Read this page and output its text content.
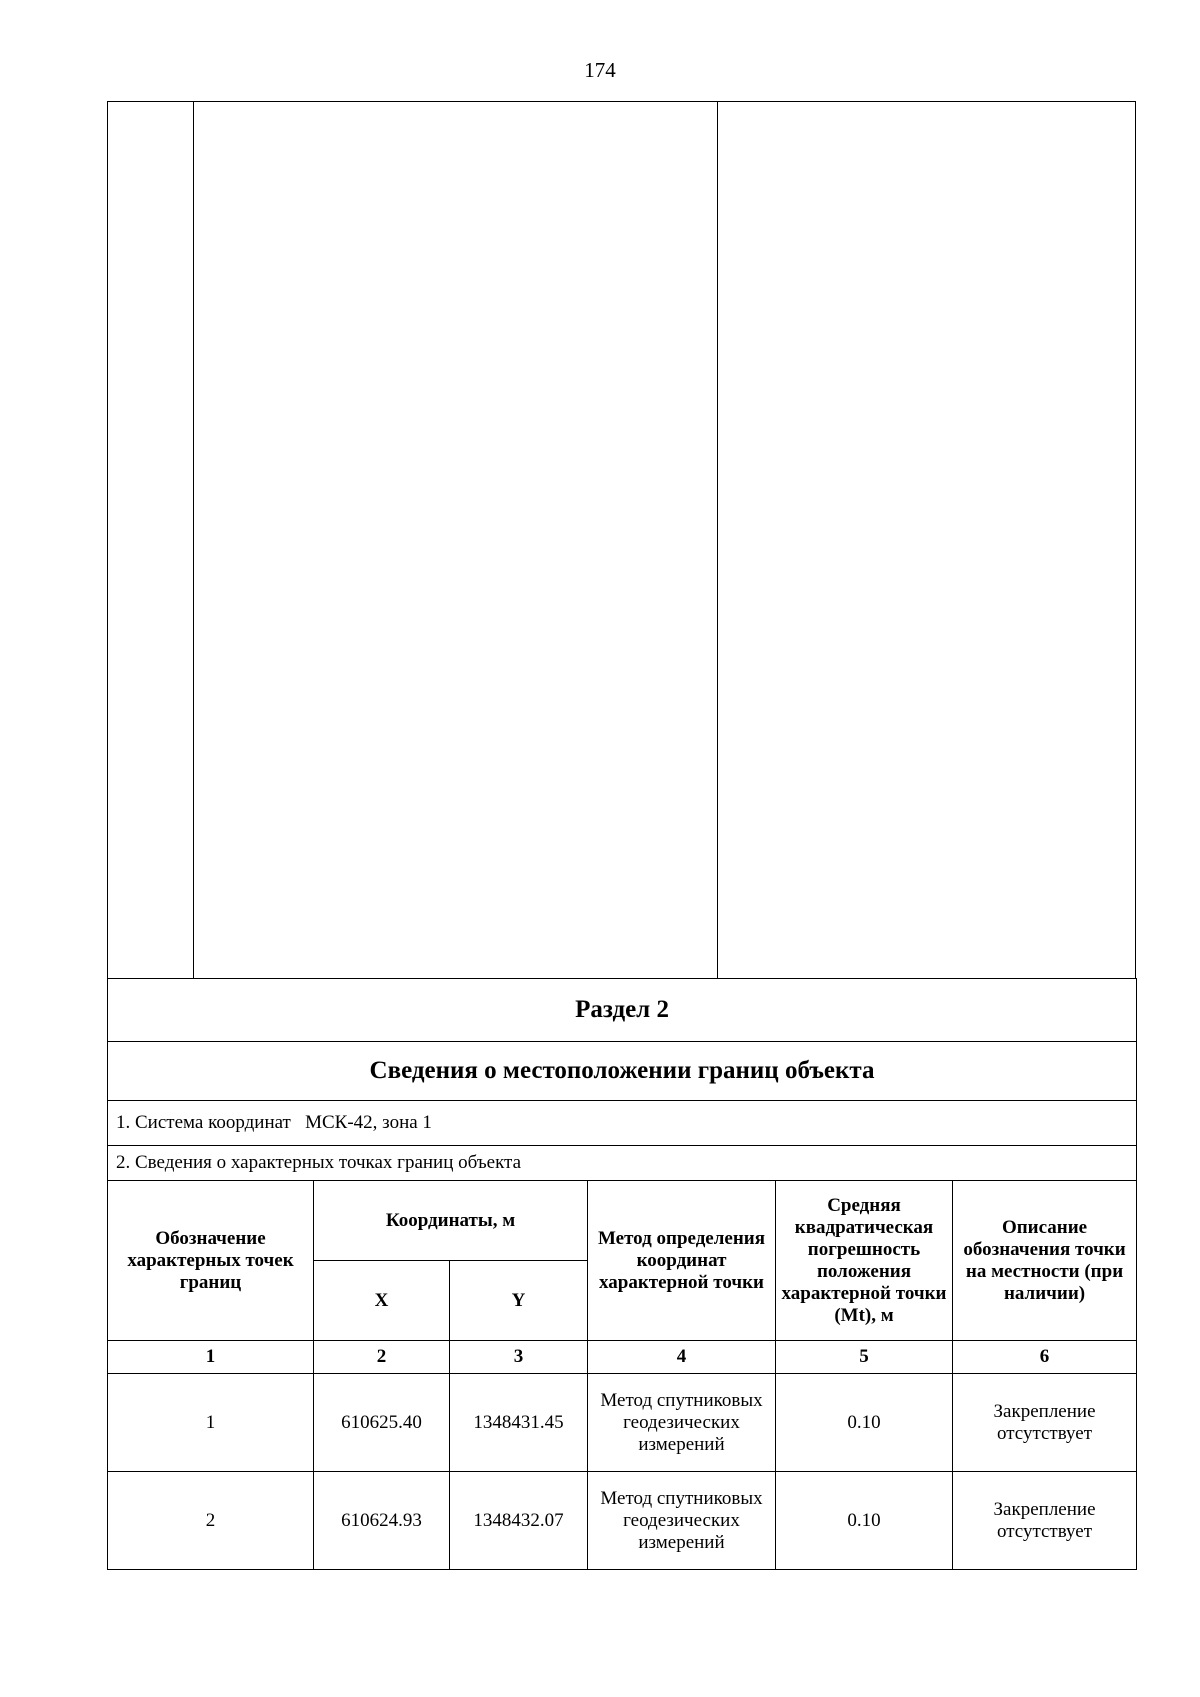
174
Раздел 2					
Сведения о местоположении границ объекта					
1. Система координат МСК-42, зона 1					
2. Сведения о характерных точках границ объекта					
Обозначение характерных точек границ	Координаты, м		Метод определения координат характерной точки	Средняя квадратическая погрешность положения характерной точки (Mt), м	Описание обозначения точки на местности (при наличии)
	X	Y			
1	2	3	4	5	6
1	610625.40	1348431.45	Метод спутниковых геодезических измерений	0.10	Закрепление отсутствует
2	610624.93	1348432.07	Метод спутниковых геодезических измерений	0.10	Закрепление отсутствует
